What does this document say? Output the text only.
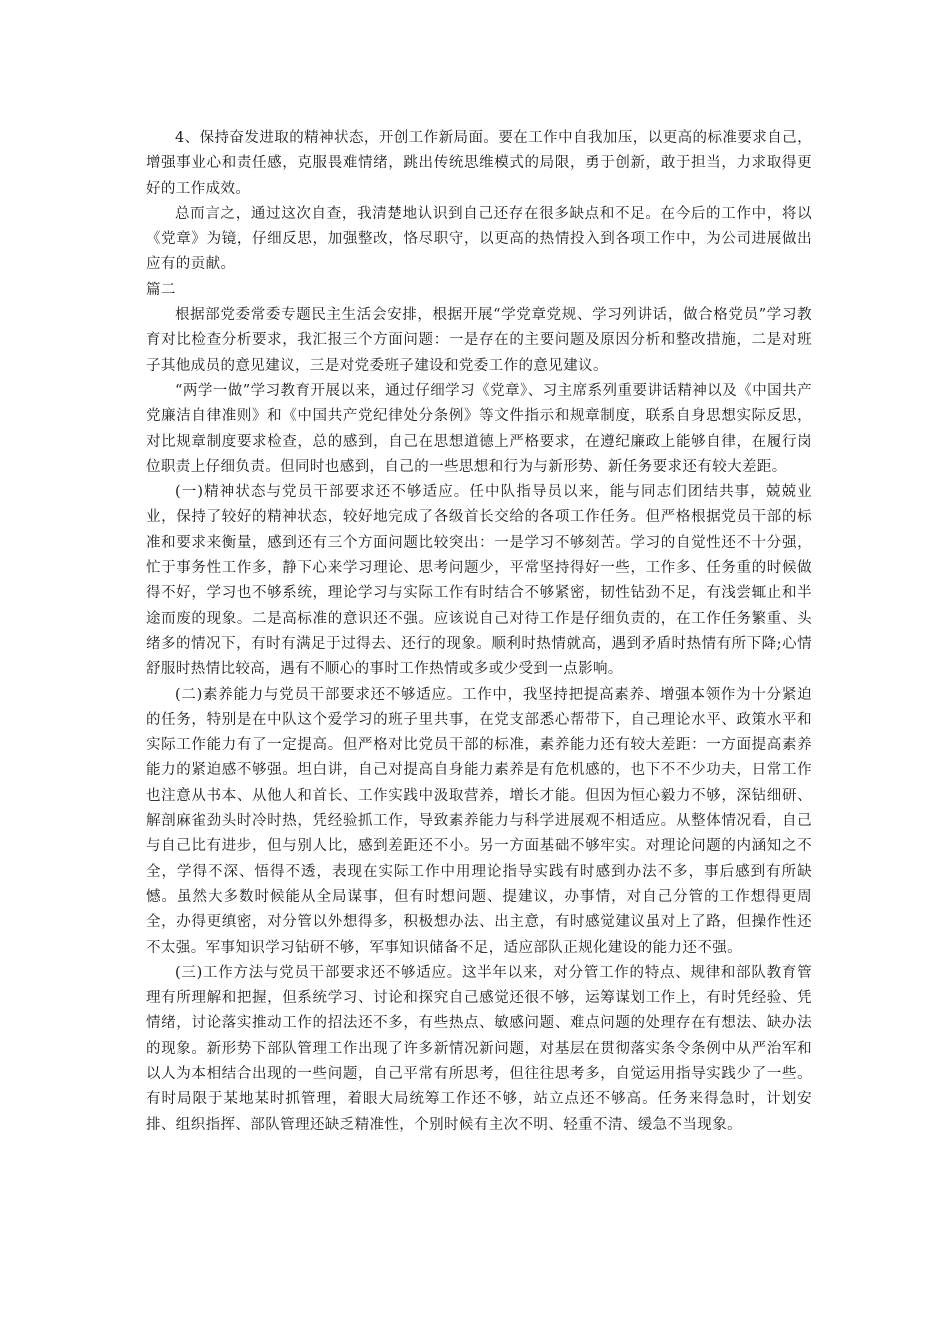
4、保持奋发进取的精神状态，开创工作新局面。要在工作中自我加压，以更高的标准要求自己，增强事业心和责任感，克服畏难情绪，跳出传统思维模式的局限，勇于创新，敢于担当，力求取得更好的工作成效。

总而言之，通过这次自查，我清楚地认识到自己还存在很多缺点和不足。在今后的工作中，将以《党章》为镜，仔细反思，加强整改，恪尽职守，以更高的热情投入到各项工作中，为公司进展做出应有的贡献。

篇二

根据部党委常委专题民主生活会安排，根据开展“学党章党规、学习列讲话，做合格党员”学习教育对比检查分析要求，我汇报三个方面问题：一是存在的主要问题及原因分析和整改措施，二是对班子其他成员的意见建议，三是对党委班子建设和党委工作的意见建议。

“两学一做”学习教育开展以来，通过仔细学习《党章》、习主席系列重要讲话精神以及《中国共产党廉洁自律准则》和《中国共产党纪律处分条例》等文件指示和规章制度，联系自身思想实际反思，对比规章制度要求检查，总的感到，自己在思想道德上严格要求，在遵纪廉政上能够自律，在履行岗位职责上仔细负责。但同时也感到，自己的一些思想和行为与新形势、新任务要求还有较大差距。

(一)精神状态与党员干部要求还不够适应。任中队指导员以来，能与同志们团结共事，兢兢业业，保持了较好的精神状态，较好地完成了各级首长交给的各项工作任务。但严格根据党员干部的标准和要求来衡量，感到还有三个方面问题比较突出：一是学习不够刻苦。学习的自觉性还不十分强，忙于事务性工作多，静下心来学习理论、思考问题少，平常坚持得好一些，工作多、任务重的时候做得不好，学习也不够系统，理论学习与实际工作有时结合不够紧密，韧性钻劲不足，有浅尝辄止和半途而废的现象。二是高标准的意识还不强。应该说自己对待工作是仔细负责的，在工作任务繁重、头绪多的情况下，有时有满足于过得去、还行的现象。顺利时热情就高，遇到矛盾时热情有所下降;心情舒服时热情比较高，遇有不顺心的事时工作热情或多或少受到一点影响。

(二)素养能力与党员干部要求还不够适应。工作中，我坚持把提高素养、增强本领作为十分紧迫的任务，特别是在中队这个爱学习的班子里共事，在党支部悉心帮带下，自己理论水平、政策水平和实际工作能力有了一定提高。但严格对比党员干部的标准，素养能力还有较大差距：一方面提高素养能力的紧迫感不够强。坦白讲，自己对提高自身能力素养是有危机感的，也下不不少功夫，日常工作也注意从书本、从他人和首长、工作实践中汲取营养，增长才能。但因为恒心毅力不够，深钻细研、解剖麻雀劲头时冷时热，凭经验抓工作，导致素养能力与科学进展观不相适应。从整体情况看，自己与自己比有进步，但与别人比，感到差距还不小。另一方面基础不够牢实。对理论问题的内涵知之不全，学得不深、悟得不透，表现在实际工作中用理论指导实践有时感到办法不多，事后感到有所缺憾。虽然大多数时候能从全局谋事，但有时想问题、提建议，办事情，对自己分管的工作想得更周全，办得更缜密，对分管以外想得多，积极想办法、出主意，有时感觉建议虽对上了路，但操作性还不太强。军事知识学习钻研不够，军事知识储备不足，适应部队正规化建设的能力还不强。

(三)工作方法与党员干部要求还不够适应。这半年以来，对分管工作的特点、规律和部队教育管理有所理解和把握，但系统学习、讨论和探究自己感觉还很不够，运筹谋划工作上，有时凭经验、凭情绪，讨论落实推动工作的招法还不多，有些热点、敏感问题、难点问题的处理存在有想法、缺办法的现象。新形势下部队管理工作出现了许多新情况新问题，对基层在贯彻落实条令条例中从严治军和以人为本相结合出现的一些问题，自己平常有所思考，但往往思考多，自觉运用指导实践少了一些。有时局限于某地某时抓管理，着眼大局统筹工作还不够，站立点还不够高。任务来得急时，计划安排、组织指挥、部队管理还缺乏精准性，个别时候有主次不明、轻重不清、缓急不当现象。
